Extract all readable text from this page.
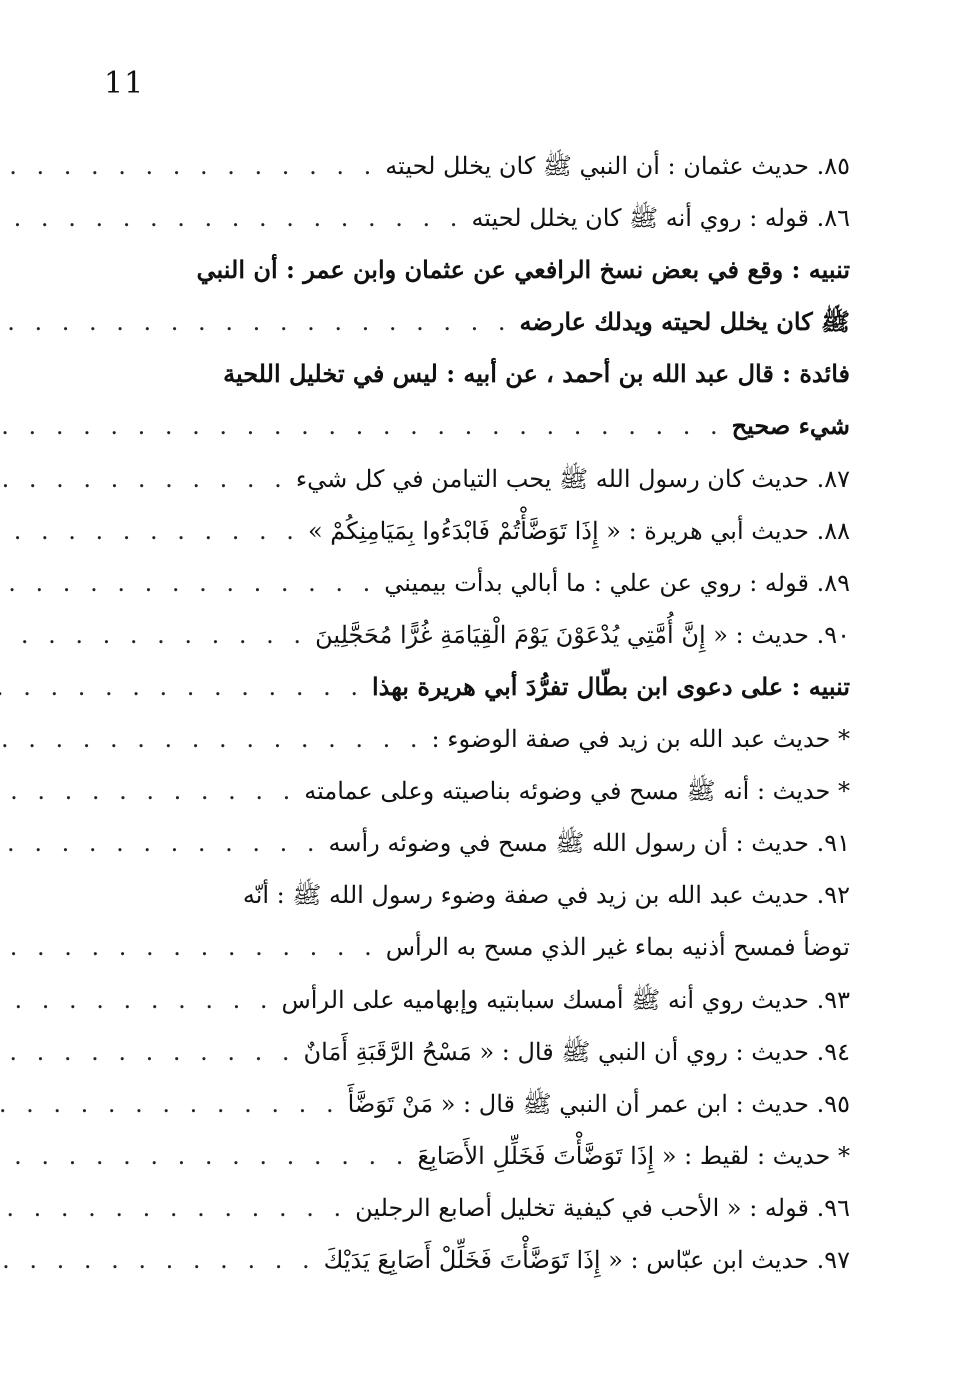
11
٨٥. حديث عثمان : أن النبي ﷺ كان يخلل لحيته
. . .
٨٦. قوله : روي أنه ﷺ كان يخلل لحيته
. . .
تنبيه : وقع في بعض نسخ الرافعي عن عثمان وابن عمر : أن النبي
ﷺ كان يخلل لحيته ويدلك عارضه
. . .
فائدة : قال عبد الله بن أحمد ، عن أبيه : ليس في تخليل اللحية
شيء صحيح
. . .
٨٧. حديث كان رسول الله ﷺ يحب التيامن في كل شيء
. . .
٨٨. حديث أبي هريرة : « إِذَا تَوَضَّأْتُمْ فَابْدَءُوا بِمَيَامِنِكُمْ »
. . .
٨٩. قوله : روي عن علي : ما أبالي بدأت بيميني
. . .
٩٠. حديث : « إِنَّ أُمَّتِي يُدْعَوْنَ يَوْمَ الْقِيَامَةِ غُرًّا مُحَجَّلِينَ
. . .
تنبيه : على دعوى ابن بطّال تفرُّدَ أبي هريرة بهذا
. . .
* حديث عبد الله بن زيد في صفة الوضوء :
. . .
* حديث : أنه ﷺ مسح في وضوئه بناصيته وعلى عمامته
. . .
٩١. حديث : أن رسول الله ﷺ مسح في وضوئه رأسه
. . .
٩٢. حديث عبد الله بن زيد في صفة وضوء رسول الله ﷺ : أنّه
توضأ فمسح أذنيه بماء غير الذي مسح به الرأس
. . .
٩٣. حديث روي أنه ﷺ أمسك سبابتيه وإبهاميه على الرأس
. . .
٩٤. حديث : روي أن النبي ﷺ قال : « مَسْحُ الرَّقَبَةِ أَمَانٌ
. . .
٩٥. حديث : ابن عمر أن النبي ﷺ قال : « مَنْ تَوَضَّأَ
. . .
* حديث : لقيط : « إِذَا تَوَضَّأْتَ فَخَلِّلِ الأَصَابِعَ
. . .
٩٦. قوله : « الأحب في كيفية تخليل أصابع الرجلين
. . .
٩٧. حديث ابن عبّاس : « إِذَا تَوَضَّأْتَ فَخَلِّلْ أَصَابِعَ يَدَيْكَ
. . .
